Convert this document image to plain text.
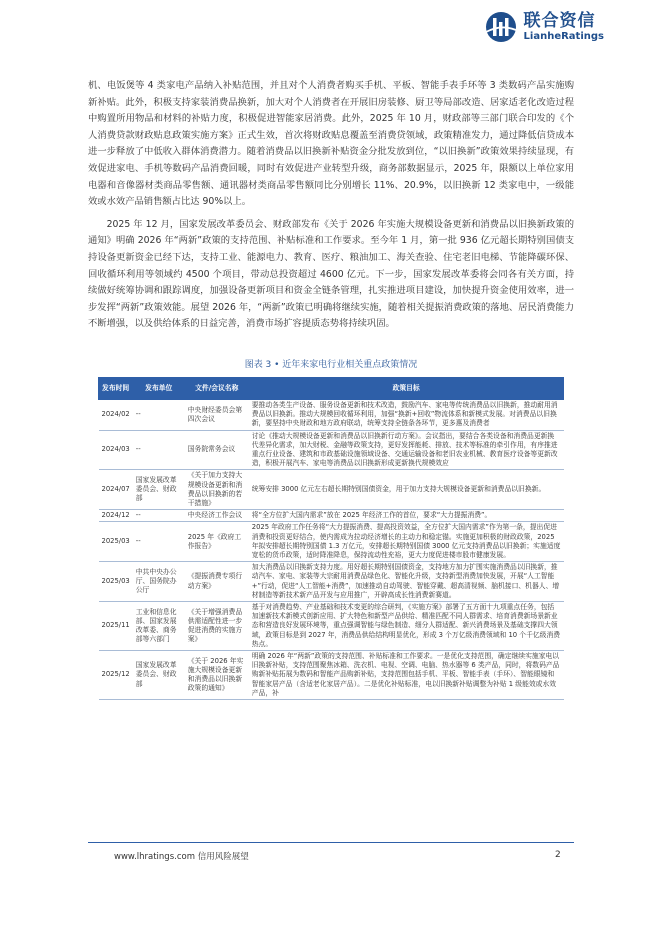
联合资信
LianheRatings

机、电饭煲等 4 类家电产品纳入补贴范围，并且对个人消费者购买手机、平板、智能手表手环等 3 类数码产品实施购新补贴。此外，积极支持家装消费品换新，加大对个人消费者在开展旧房装修、厨卫等局部改造、居家适老化改造过程中购置所用物品和材料的补贴力度，积极促进智能家居消费。此外，2025 年 10 月，财政部等三部门联合印发的《个人消费贷款财政贴息政策实施方案》正式生效，首次将财政贴息覆盖至消费贷领域，政策精准发力，通过降低信贷成本进一步释放了中低收入群体消费潜力。随着消费品以旧换新补贴资金分批发放到位，“以旧换新”政策效果持续显现，有效促进家电、手机等数码产品消费回暖，同时有效促进产业转型升级，商务部数据显示，2025 年，限额以上单位家用电器和音像器材类商品零售额、通讯器材类商品零售额同比分别增长 11%、20.9%，以旧换新 12 类家电中，一级能效或水效产品销售额占比达 90%以上。

2025 年 12 月，国家发展改革委员会、财政部发布《关于 2026 年实施大规模设备更新和消费品以旧换新政策的通知》明确 2026 年“两新”政策的支持范围、补贴标准和工作要求。至今年 1 月，第一批 936 亿元超长期特别国债支持设备更新资金已经下达，支持工业、能源电力、教育、医疗、粮油加工、海关查验、住宅老旧电梯、节能降碳环保、回收循环利用等领域约 4500 个项目，带动总投资超过 4600 亿元。下一步，国家发展改革委将会同各有关方面，持续做好统筹协调和跟踪调度，加强设备更新项目和资金全链条管理，扎实推进项目建设，加快提升资金使用效率，进一步发挥“两新”政策效能。展望 2026 年，“两新”政策已明确将继续实施，随着相关提振消费政策的落地、居民消费能力不断增强，以及供给体系的日益完善，消费市场扩容提质态势将持续巩固。

图表 3 • 近年来家电行业相关重点政策情况
发布时间	发布单位	文件/会议名称	政策目标
2024/02	--	中央财经委员会第四次会议	要推动各类生产设备、服务设备更新和技术改造，鼓励汽车、家电等传统消费品以旧换新，推动耐用消费品以旧换新。推动大规模回收循环利用，加强“换新+回收”物流体系和新模式发展。对消费品以旧换新，要坚持中央财政和地方政府联动，统筹支持全链条各环节，更多惠及消费者
2024/03	--	国务院常务会议	讨论《推动大规模设备更新和消费品以旧换新行动方案》。会议指出，要结合各类设备和消费品更新换代差异化需求，加大财税、金融等政策支持，更好发挥能耗、排放、技术等标准的牵引作用，有序推进重点行业设备、建筑和市政基础设施领域设备、交通运输设备和老旧农业机械、教育医疗设备等更新改造，积极开展汽车、家电等消费品以旧换新形成更新换代规模效应
2024/07	国家发展改革委员会、财政部	《关于加力支持大规模设备更新和消费品以旧换新的若干措施》	统筹安排 3000 亿元左右超长期特别国债资金，用于加力支持大规模设备更新和消费品以旧换新。
2024/12	--	中央经济工作会议	将“全方位扩大国内需求”放在 2025 年经济工作的首位，要求“大力提振消费”。
2025/03	--	2025 年《政府工作报告》	2025 年政府工作任务将“大力提振消费、提高投资效益，全方位扩大国内需求”作为第一条，提出促进消费和投资更好结合，使内需成为拉动经济增长的主动力和稳定锚。实施更加积极的财政政策，2025 年拟安排超长期特别国债 1.3 万亿元，安排超长期特别国债 3000 亿元支持消费品以旧换新；实施适度宽松的货币政策，适时降准降息，保持流动性充裕，更大力度促进楼市股市健康发展。
2025/03	中共中央办公厅、国务院办公厅	《提振消费专项行动方案》	加大消费品以旧换新支持力度。用好超长期特别国债资金，支持地方加力扩围实施消费品以旧换新，推动汽车、家电、家装等大宗耐用消费品绿色化、智能化升级，支持新型消费加快发展，开展“人工智能+”行动，促进“人工智能+消费”，加速推动自动驾驶、智能穿戴、超高清视频、脑机接口、机器人、增材制造等新技术新产品开发与应用推广，开辟高成长性消费新赛道。
2025/11	工业和信息化部、国家发展改革委、商务部等六部门	《关于增强消费品供需适配性进一步促进消费的实施方案》	基于对消费趋势、产业基础和技术变更的综合研判，《实施方案》部署了五方面十九项重点任务，包括加速新技术新模式创新应用、扩大特色和新型产品供给、精准匹配不同人群需求、培育消费新场景新业态和营造良好发展环境等，重点强调智能与绿色制造、细分人群适配、新兴消费场景及基础支撑四大领域，政策目标是到 2027 年，消费品供给结构明显优化，形成 3 个万亿级消费领域和 10 个千亿级消费热点。
2025/12	国家发展改革委员会、财政部	《关于 2026 年实施大规模设备更新和消费品以旧换新政策的通知》	明确 2026 年“两新”政策的支持范围、补贴标准和工作要求。一是优化支持范围，确定继续实施家电以旧换新补贴，支持范围聚焦冰箱、洗衣机、电视、空调、电脑、热水器等 6 类产品，同时，将数码产品购新补贴拓展为数码和智能产品购新补贴，支持范围包括手机、平板、智能手表（手环）、智能眼镜和智能家居产品（含适老化家居产品）。二是优化补贴标准，电以旧换新补贴调整为补贴 1 级能效或水效产品，补
www.lhratings.com 信用风险展望	2
